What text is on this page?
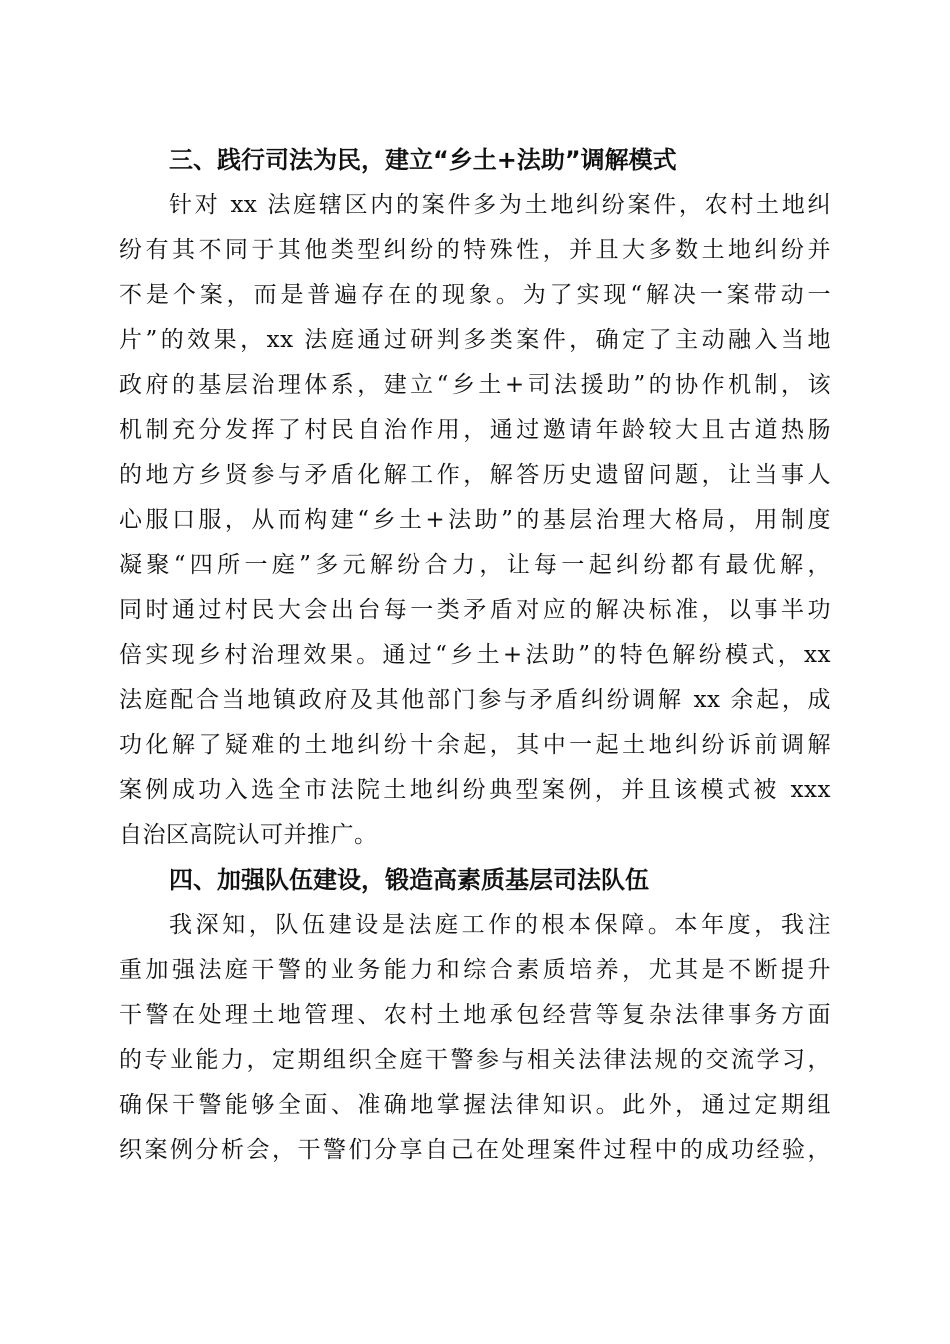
三、践行司法为民，建立“乡土+法助”调解模式
针对 xx 法庭辖区内的案件多为土地纠纷案件，农村土地纠
纷有其不同于其他类型纠纷的特殊性，并且大多数土地纠纷并
不是个案，而是普遍存在的现象。为了实现“解决一案带动一
片”的效果，xx 法庭通过研判多类案件，确定了主动融入当地
政府的基层治理体系，建立“乡土+司法援助”的协作机制，该
机制充分发挥了村民自治作用，通过邀请年龄较大且古道热肠
的地方乡贤参与矛盾化解工作，解答历史遗留问题，让当事人
心服口服，从而构建“乡土+法助”的基层治理大格局，用制度
凝聚“四所一庭”多元解纷合力，让每一起纠纷都有最优解，
同时通过村民大会出台每一类矛盾对应的解决标准，以事半功
倍实现乡村治理效果。通过“乡土+法助”的特色解纷模式，xx
法庭配合当地镇政府及其他部门参与矛盾纠纷调解 xx 余起，成
功化解了疑难的土地纠纷十余起，其中一起土地纠纷诉前调解
案例成功入选全市法院土地纠纷典型案例，并且该模式被 xxx
自治区高院认可并推广。
四、加强队伍建设，锻造高素质基层司法队伍
我深知，队伍建设是法庭工作的根本保障。本年度，我注
重加强法庭干警的业务能力和综合素质培养，尤其是不断提升
干警在处理土地管理、农村土地承包经营等复杂法律事务方面
的专业能力，定期组织全庭干警参与相关法律法规的交流学习，
确保干警能够全面、准确地掌握法律知识。此外，通过定期组
织案例分析会，干警们分享自己在处理案件过程中的成功经验，
